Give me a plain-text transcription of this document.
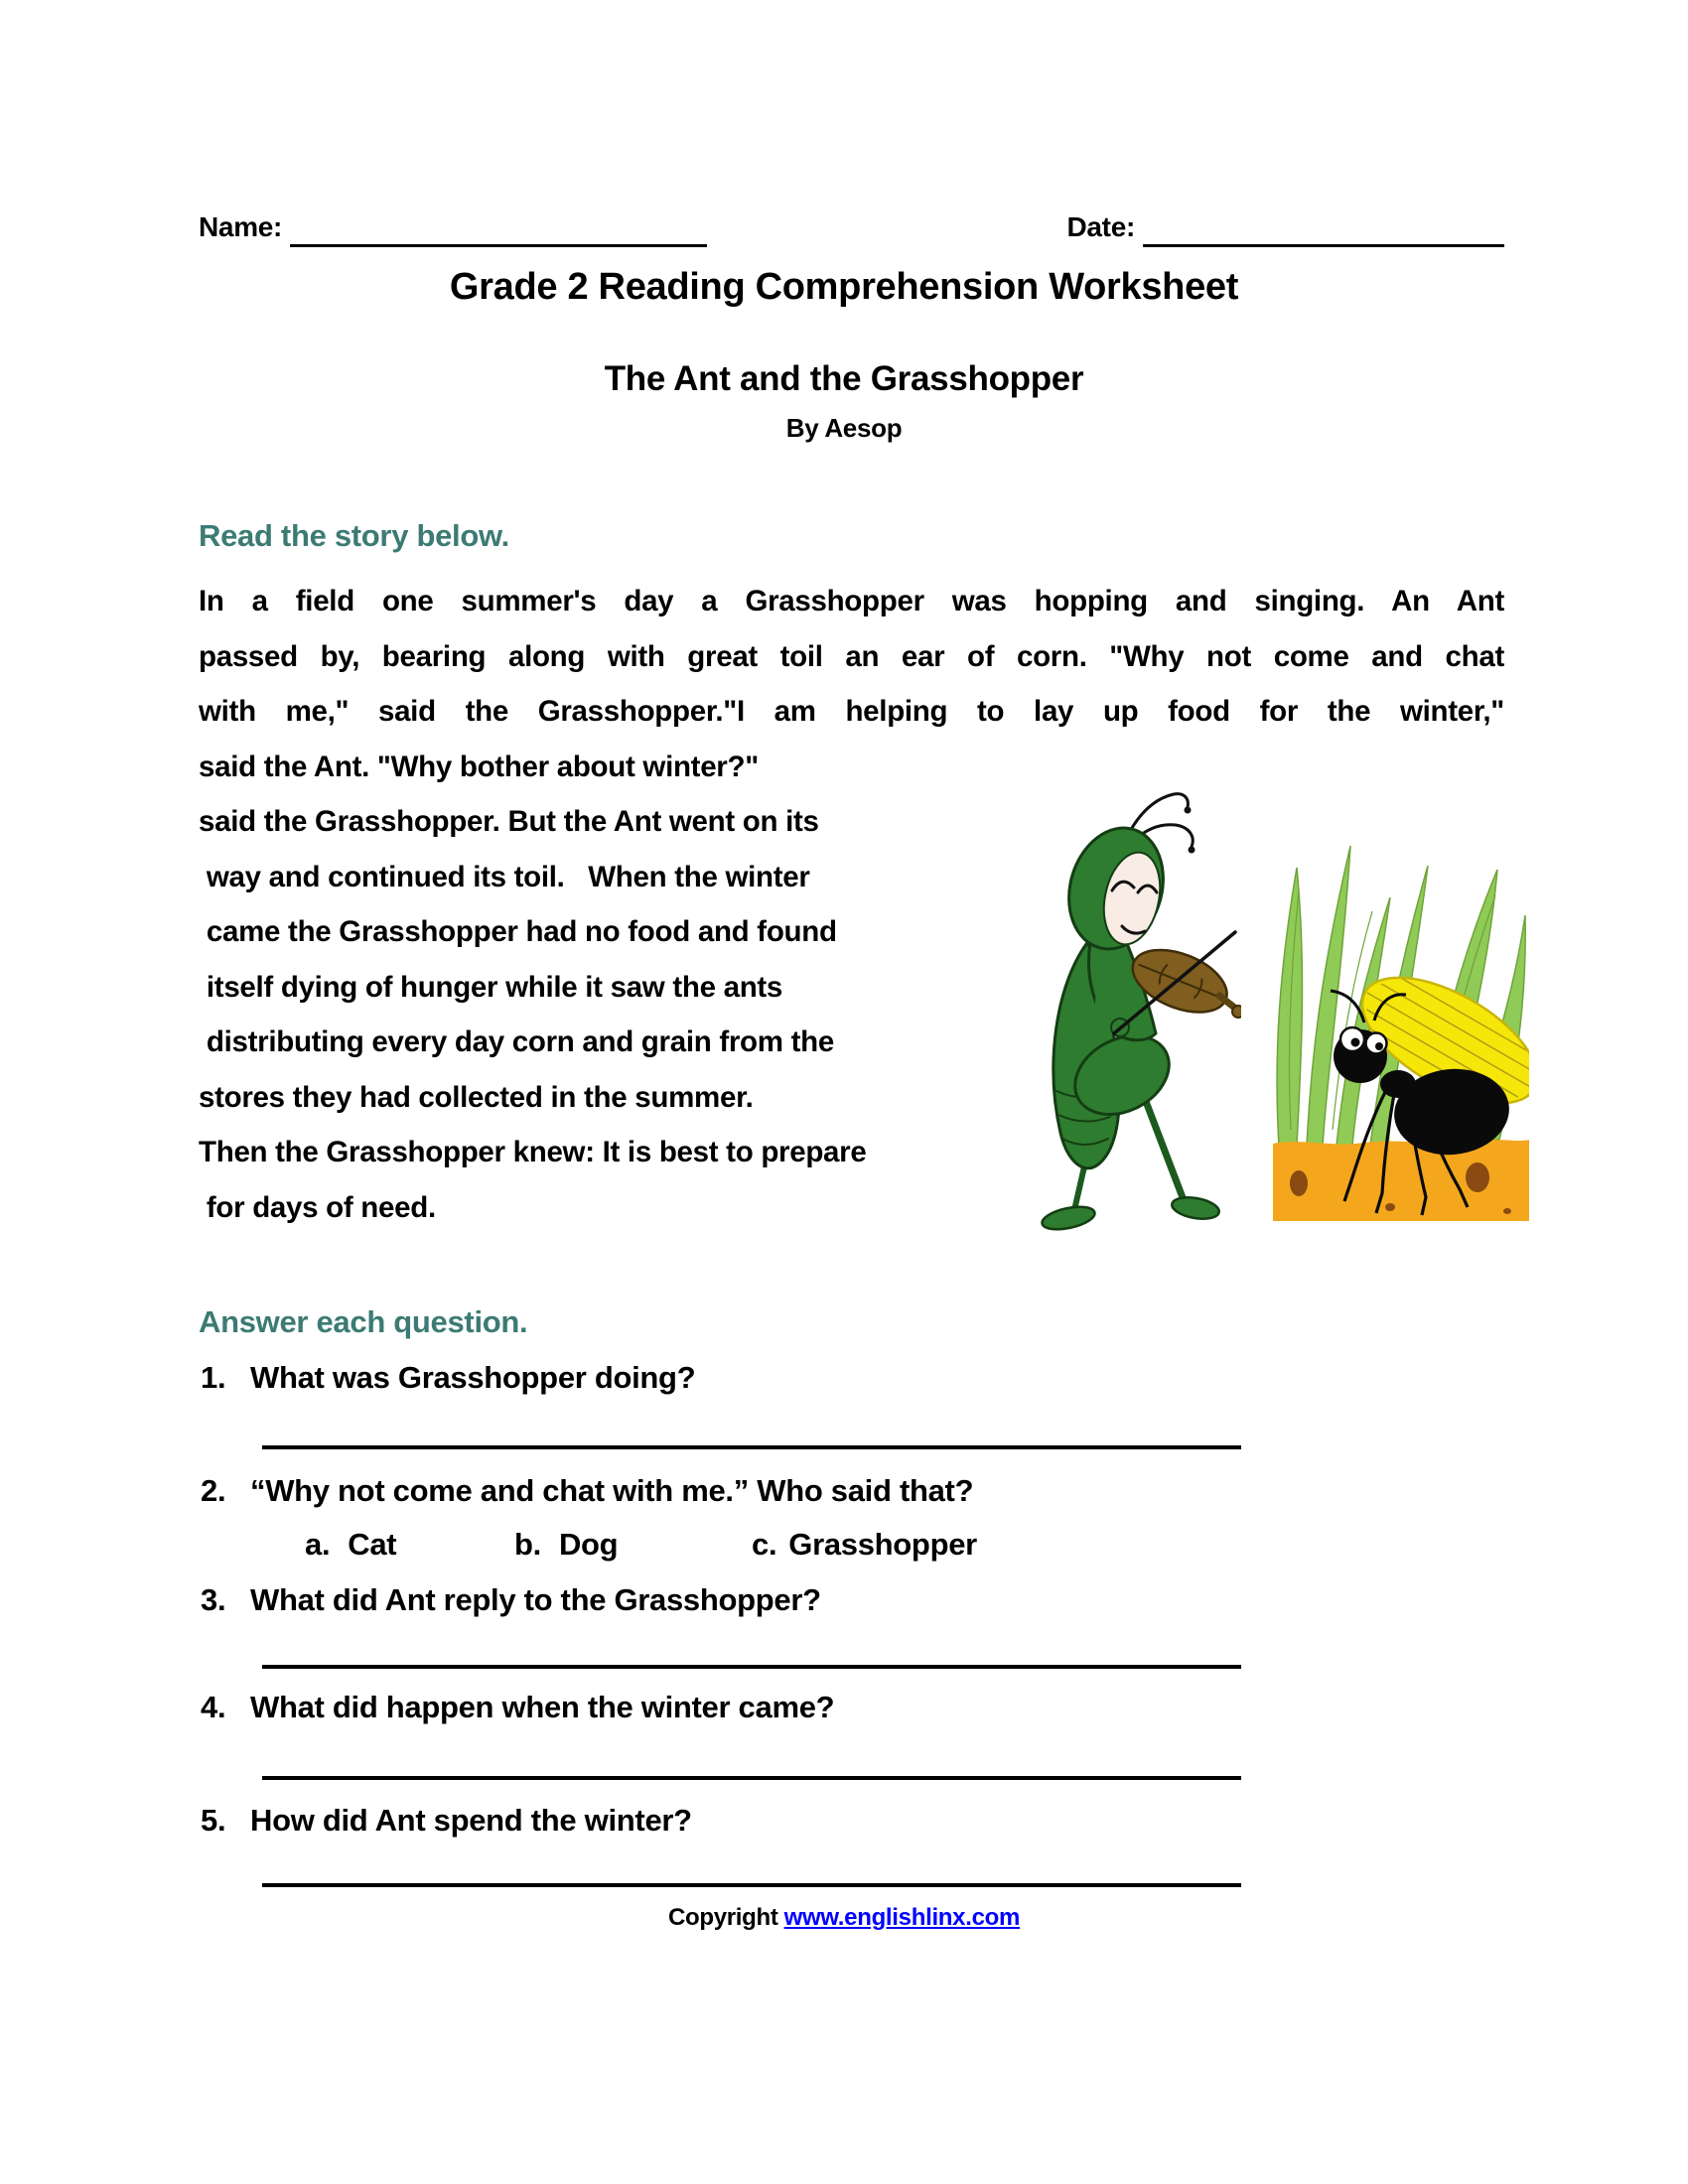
Name:	Date:
Grade 2 Reading Comprehension Worksheet
The Ant and the Grasshopper
By Aesop
Read the story below.
In a field one summer's day a Grasshopper was hopping and singing. An Ant
passed by, bearing along with great toil an ear of corn. "Why not come and chat
with me," said the Grasshopper."I am helping to lay up food for the winter,"
said the Ant. "Why bother about winter?"
said the Grasshopper. But the Ant went on its
way and continued its toil.   When the winter
came the Grasshopper had no food and found
itself dying of hunger while it saw the ants
distributing every day corn and grain from the
stores they had collected in the summer.
Then the Grasshopper knew: It is best to prepare
for days of need.
Answer each question.
1. What was Grasshopper doing?
2. “Why not come and chat with me.” Who said that?
a. Cat	b. Dog	c. Grasshopper
3. What did Ant reply to the Grasshopper?
4. What did happen when the winter came?
5. How did Ant spend the winter?
Copyright www.englishlinx.com
